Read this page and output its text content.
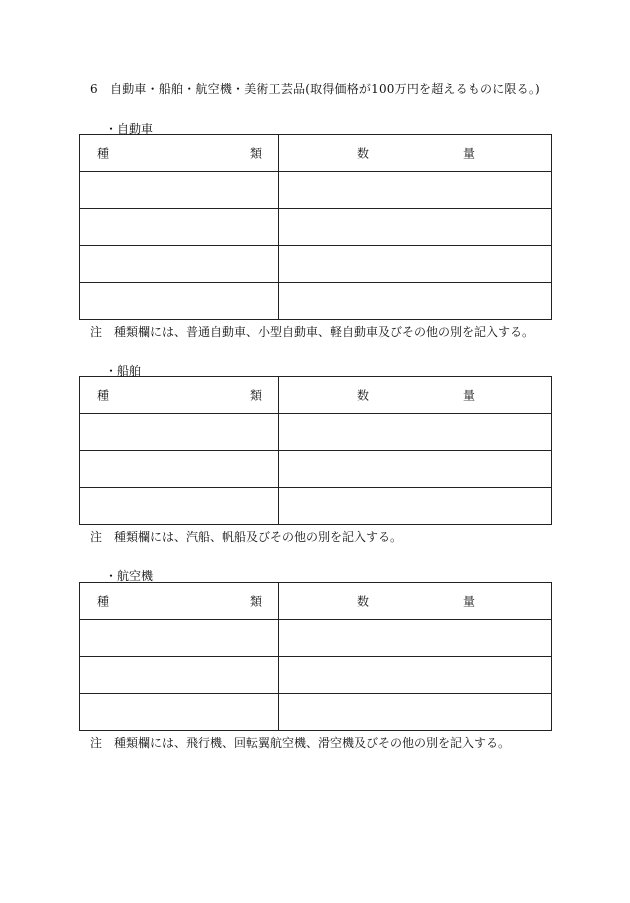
6　自動車・船舶・航空機・美術工芸品(取得価格が100万円を超えるものに限る。)
・自動車
種 類	数 量

注　種類欄には、普通自動車、小型自動車、軽自動車及びその他の別を記入する。
・船舶
種 類	数 量

注　種類欄には、汽船、帆船及びその他の別を記入する。
・航空機
種 類	数 量

注　種類欄には、飛行機、回転翼航空機、滑空機及びその他の別を記入する。
